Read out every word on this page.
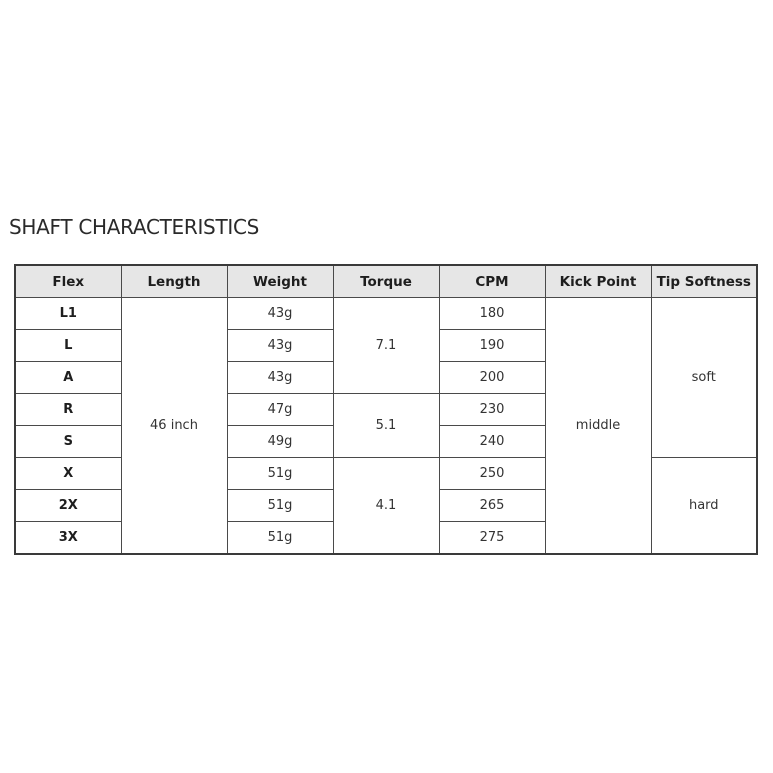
SHAFT CHARACTERISTICS
Flex	Length	Weight	Torque	CPM	Kick Point	Tip Softness
L1	46 inch	43g	7.1	180	middle	soft
L		43g		190		
A		43g		200		
R		47g	5.1	230		
S		49g		240		
X		51g	4.1	250		hard
2X		51g		265		
3X		51g		275		
